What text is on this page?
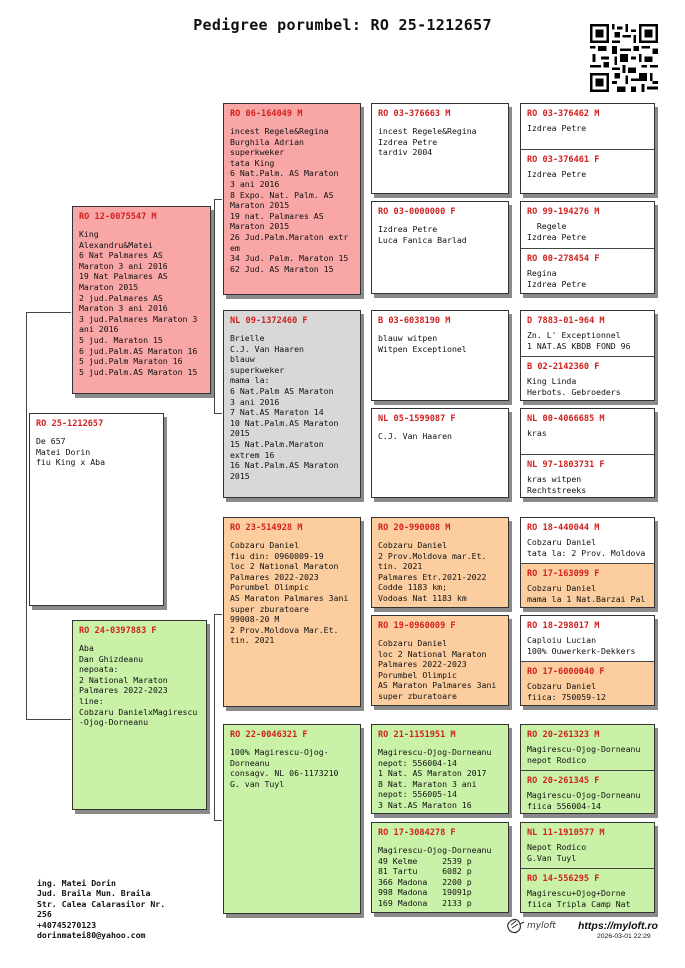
Pedigree porumbel: RO 25-1212657
RO 25-1212657
De 657
Matei Dorin
fiu King x Aba
RO 12-0075547 M
King
Alexandru&Matei
6 Nat Palmares AS
Maraton 3 ani 2016
19 Nat Palmares AS
Maraton 2015
2 jud.Palmares AS
Maraton 3 ani 2016
3 jud.Palmares Maraton 3
ani 2016
5 jud. Maraton 15
6 jud.Palm.AS Maraton 16
5 jud.Palm Maraton 16
5 jud.Palm.AS Maraton 15
RO 24-0397883 F
Aba
Dan Ghizdeanu
nepoata:
2 National Maraton
Palmares 2022-2023
line:
Cobzaru DanielxMagirescu
-Ojog-Dorneanu
RO 06-164049 M
incest Regele&Regina
Burghila Adrian
superkweker
tata King
6 Nat.Palm. AS Maraton
3 ani 2016
8 Expo. Nat. Palm. AS
Maraton 2015
19 nat. Palmares AS
Maraton 2015
26 Jud.Palm.Maraton extr
em
34 Jud. Palm. Maraton 15
62 Jud. AS Maraton 15
NL 09-1372460 F
Brielle
C.J. Van Haaren
blauw
superkweker
mama la:
6 Nat.Palm AS Maraton
3 ani 2016
7 Nat.AS Maraton 14
10 Nat.Palm.AS Maraton
2015
15 Nat.Palm.Maraton
extrem 16
16 Nat.Palm.AS Maraton
2015
RO 23-514928 M
Cobzaru Daniel
fiu din: 0960009-19
loc 2 National Maraton
Palmares 2022-2023
Porumbel Olimpic
AS Maraton Palmares 3ani
super zburatoare
99008-20 M
2 Prov.Moldova Mar.Et.
tin. 2021
RO 22-0046321 F
100% Magirescu-Ojog-
Dorneanu
consagv. NL 06-1173210
G. van Tuyl
RO 03-376663 M
incest Regele&Regina
Izdrea Petre
tardiv 2004
RO 03-0000000 F
Izdrea Petre
Luca Fanica Barlad
B 03-6038190 M
blauw witpen
Witpen Exceptionel
NL 05-1599087 F
C.J. Van Haaren
RO 20-990008 M
Cobzaru Daniel
2 Prov.Moldova mar.Et.
tin. 2021
Palmares Etr.2021-2022
Codde 1183 km;
Vodoas Nat 1183 km
RO 19-0960009 F
Cobzaru Daniel
loc 2 National Maraton
Palmares 2022-2023
Porumbel Olimpic
AS Maraton Palmares 3ani
super zburatoare
RO 21-1151951 M
Magirescu-Ojog-Dorneanu
nepot: 556004-14
1 Nat. AS Maraton 2017
8 Nat. Maraton 3 ani
nepot: 556005-14
3 Nat.AS Maraton 16
RO 17-3084278 F
Magirescu-Ojog-Dorneanu
49 Kelme     2539 p
81 Tartu     6082 p
366 Madona   2200 p
998 Madona   19091p
169 Madona   2133 p
RO 03-376462 M
Izdrea Petre
RO 03-376461 F
Izdrea Petre
RO 99-194276 M
Regele
Izdrea Petre
RO 00-278454 F
Regina
Izdrea Petre
D 7883-01-964 M
Zn. L' Exceptionnel
1 NAT.AS KBDB FOND 96
B 02-2142360 F
King Linda
Herbots. Gebroeders
NL 00-4066685 M
kras
NL 97-1803731 F
kras witpen
Rechtstreeks
RO 18-440044 M
Cobzaru Daniel
tata la: 2 Prov. Moldova
RO 17-163099 F
Cobzaru Daniel
mama la 1 Nat.Barzai Pal
RO 18-298017 M
Caploiu Lucian
100% Ouwerkerk-Dekkers
RO 17-6000040 F
Cobzaru Daniel
fiica: 750059-12
RO 20-261323 M
Magirescu-Ojog-Dorneanu
nepot Rodico
RO 20-261345 F
Magirescu-Ojog-Dorneanu
fiica 556004-14
NL 11-1910577 M
Nepot Rodico
G.Van Tuyl
RO 14-556295 F
Magirescu+Ojog+Dorne
fiica Tripla Camp Nat
ing. Matei Dorin
Jud. Braila Mun. Braila
Str. Calea Calarasilor Nr.
256
+40745270123
dorinmatei80@yahoo.com
myloft https://myloft.ro
2026-03-01 22:29
